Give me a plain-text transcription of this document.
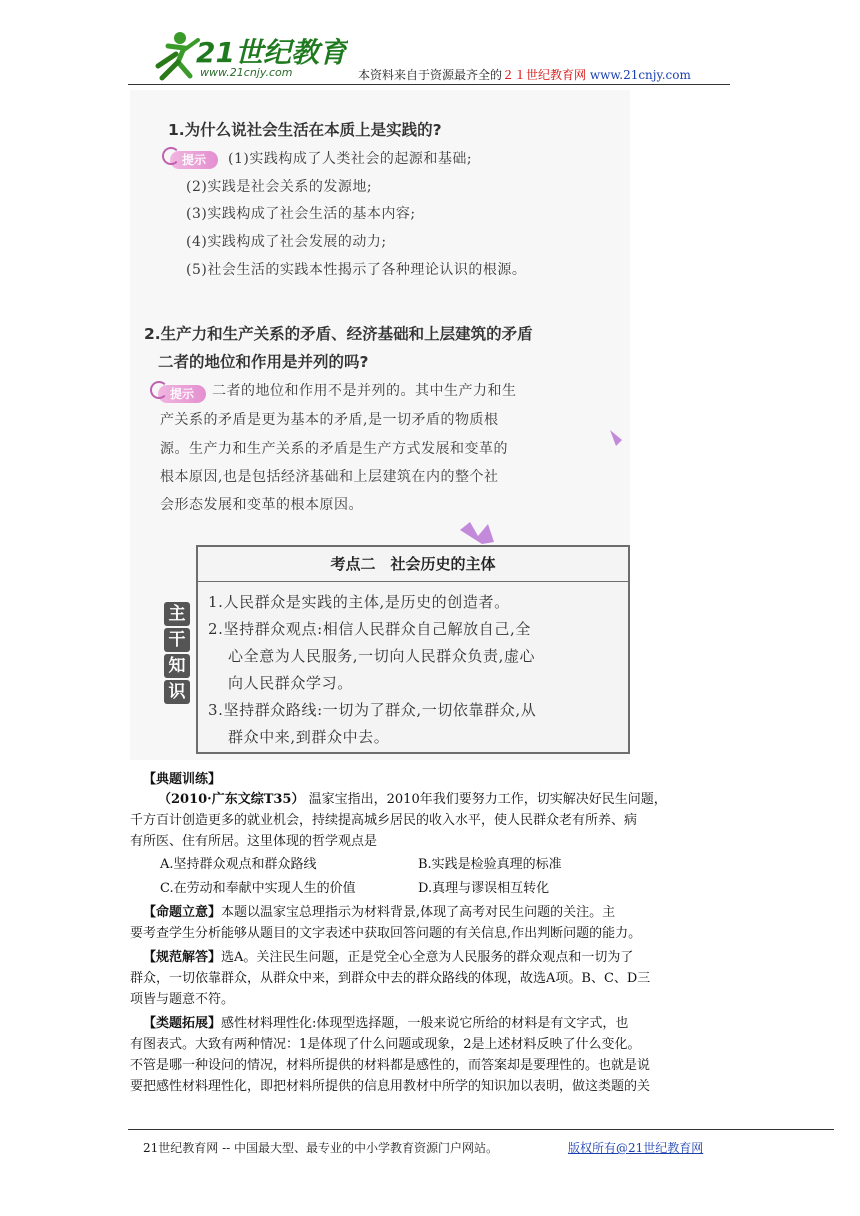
21世纪教育
www.21cnjy.com	本资料来自于资源最齐全的２１世纪教育网 www.21cnjy.com
1.为什么说社会生活在本质上是实践的?
提示	(1)实践构成了人类社会的起源和基础;
(2)实践是社会关系的发源地;
(3)实践构成了社会生活的基本内容;
(4)实践构成了社会发展的动力;
(5)社会生活的实践本性揭示了各种理论认识的根源。
2.生产力和生产关系的矛盾、经济基础和上层建筑的矛盾
二者的地位和作用是并列的吗?
提示	二者的地位和作用不是并列的。其中生产力和生
产关系的矛盾是更为基本的矛盾,是一切矛盾的物质根
源。生产力和生产关系的矛盾是生产方式发展和变革的
根本原因,也是包括经济基础和上层建筑在内的整个社
会形态发展和变革的根本原因。
主
干
知
识
考点二　社会历史的主体
1.人民群众是实践的主体,是历史的创造者。
2.坚持群众观点:相信人民群众自己解放自己,全
心全意为人民服务,一切向人民群众负责,虚心
向人民群众学习。
3.坚持群众路线:一切为了群众,一切依靠群众,从
群众中来,到群众中去。
【典题训练】
（2010·广东文综T35） 温家宝指出，2010年我们要努力工作，切实解决好民生问题，
千方百计创造更多的就业机会，持续提高城乡居民的收入水平，使人民群众老有所养、病
有所医、住有所居。这里体现的哲学观点是
A.坚持群众观点和群众路线	B.实践是检验真理的标准
C.在劳动和奉献中实现人生的价值	D.真理与谬误相互转化
【命题立意】本题以温家宝总理指示为材料背景,体现了高考对民生问题的关注。主
要考查学生分析能够从题目的文字表述中获取回答问题的有关信息,作出判断问题的能力。
【规范解答】选A。关注民生问题，正是党全心全意为人民服务的群众观点和一切为了
群众，一切依靠群众，从群众中来，到群众中去的群众路线的体现，故选A项。B、C、D三
项皆与题意不符。
【类题拓展】感性材料理性化:体现型选择题，一般来说它所给的材料是有文字式，也
有图表式。大致有两种情况：1是体现了什么问题或现象，2是上述材料反映了什么变化。
不管是哪一种设问的情况，材料所提供的材料都是感性的，而答案却是要理性的。也就是说
要把感性材料理性化，即把材料所提供的信息用教材中所学的知识加以表明，做这类题的关
21世纪教育网 -- 中国最大型、最专业的中小学教育资源门户网站。	版权所有@21世纪教育网
